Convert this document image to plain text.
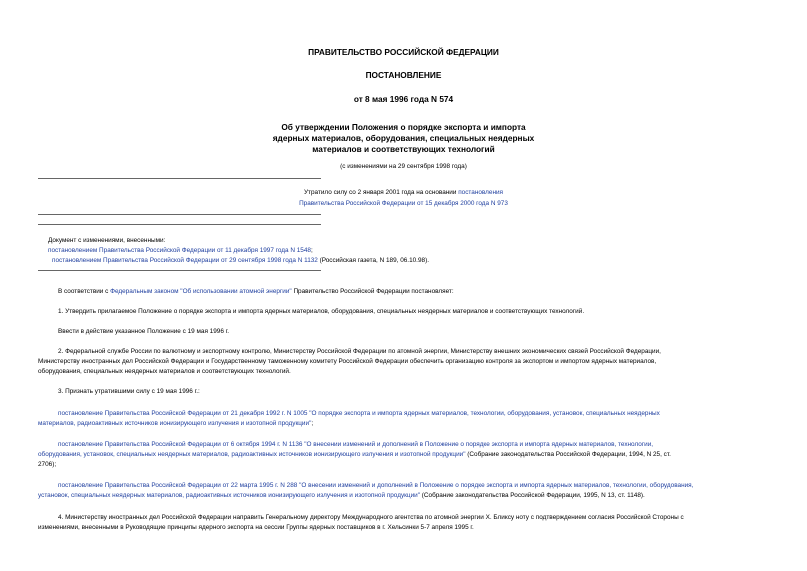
ПРАВИТЕЛЬСТВО РОССИЙСКОЙ ФЕДЕРАЦИИ
ПОСТАНОВЛЕНИЕ
от 8 мая 1996 года N 574
Об утверждении Положения о порядке экспорта и импорта
ядерных материалов, оборудования, специальных неядерных
материалов и соответствующих технологий
(с изменениями на 29 сентября 1998 года)
Утратило силу со 2 января 2001 года на основании постановления
Правительства Российской Федерации от 15 декабря 2000 года N 973
Документ с изменениями, внесенными:
постановлением Правительства Российской Федерации от 11 декабря 1997 года N 1548;
постановлением Правительства Российской Федерации от 29 сентября 1998 года N 1132 (Российская газета, N 189, 06.10.98).
В соответствии с Федеральным законом "Об использовании атомной энергии" Правительство Российской Федерации постановляет:
1. Утвердить прилагаемое Положение о порядке экспорта и импорта ядерных материалов, оборудования, специальных неядерных материалов и соответствующих технологий.
Ввести в действие указанное Положение с 19 мая 1996 г.
2. Федеральной службе России по валютному и экспортному контролю, Министерству Российской Федерации по атомной энергии, Министерству внешних экономических связей Российской Федерации,
Министерству иностранных дел Российской Федерации и Государственному таможенному комитету Российской Федерации обеспечить организацию контроля за экспортом и импортом ядерных материалов,
оборудования, специальных неядерных материалов и соответствующих технологий.
3. Признать утратившими силу с 19 мая 1996 г.:
постановление Правительства Российской Федерации от 21 декабря 1992 г. N 1005 "О порядке экспорта и импорта ядерных материалов, технологии, оборудования, установок, специальных неядерных
материалов, радиоактивных источников ионизирующего излучения и изотопной продукции";
постановление Правительства Российской Федерации от 6 октября 1994 г. N 1136 "О внесении изменений и дополнений в Положение о порядке экспорта и импорта ядерных материалов, технологии,
оборудования, установок, специальных неядерных материалов, радиоактивных источников ионизирующего излучения и изотопной продукции" (Собрание законодательства Российской Федерации, 1994, N 25, ст.
2706);
постановление Правительства Российской Федерации от 22 марта 1995 г. N 288 "О внесении изменений и дополнений в Положение о порядке экспорта и импорта ядерных материалов, технологии, оборудования,
установок, специальных неядерных материалов, радиоактивных источников ионизирующего излучения и изотопной продукции" (Собрание законодательства Российской Федерации, 1995, N 13, ст. 1148).
4. Министерству иностранных дел Российской Федерации направить Генеральному директору Международного агентства по атомной энергии Х. Бликсу ноту с подтверждением согласия Российской Стороны с
изменениями, внесенными в Руководящие принципы ядерного экспорта на сессии Группы ядерных поставщиков в г. Хельсинки 5-7 апреля 1995 г.
